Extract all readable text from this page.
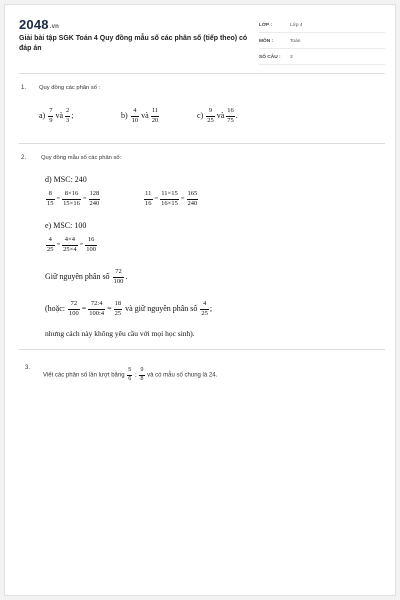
2048.vn
Giải bài tập SGK Toán 4 Quy đồng mẫu số các phân số (tiếp theo) có đáp án
LỚP :	Lớp 4
MÔN :	Toán
SỐ CÂU : 3
1. Quy đồng các phân số :
$a) \frac{7}{9}$ và $\frac{2}{3}$ ;	$b) \frac{4}{10}$ và $\frac{11}{20}$	$c) \frac{9}{25}$ và $\frac{16}{75}$ .
2.	Quy đồng mẫu số các phân số:
d) MSC: 240
$\frac{8}{15} = \frac{8\times 16}{15\times 16} = \frac{128}{240}$	$\frac{11}{16} = \frac{11\times 15}{16\times 15} = \frac{165}{240}$
e) MSC: 100
$\frac{4}{25} = \frac{4\times 4}{25\times 4} = \frac{16}{100}$
Giữ nguyên phân số $\frac{72}{100}$ .
(hoặc: $\frac{72}{100} = \frac{72:4}{100:4} = \frac{18}{25}$ và giữ nguyên phân số $\frac{4}{25}$ ;
nhưng cách này không yêu cầu với mọi học sinh).
3.
Viết các phân số lần lượt bằng $\frac{5}{6}$ ; $\frac{9}{8}$ và có mẫu số chung là 24.
